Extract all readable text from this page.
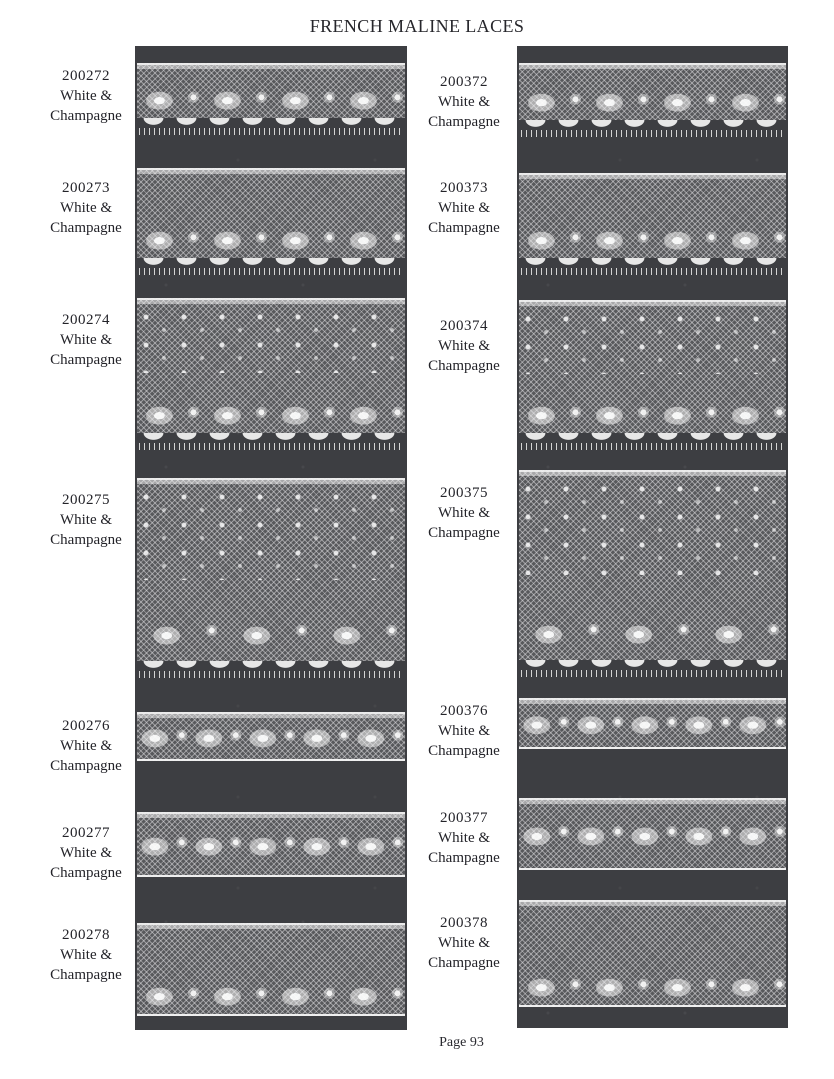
FRENCH MALINE LACES
200272
White &
Champagne
200273
White &
Champagne
200274
White &
Champagne
200275
White &
Champagne
200276
White &
Champagne
200277
White &
Champagne
200278
White &
Champagne
200372
White &
Champagne
200373
White &
Champagne
200374
White &
Champagne
200375
White &
Champagne
200376
White &
Champagne
200377
White &
Champagne
200378
White &
Champagne
Page 93
